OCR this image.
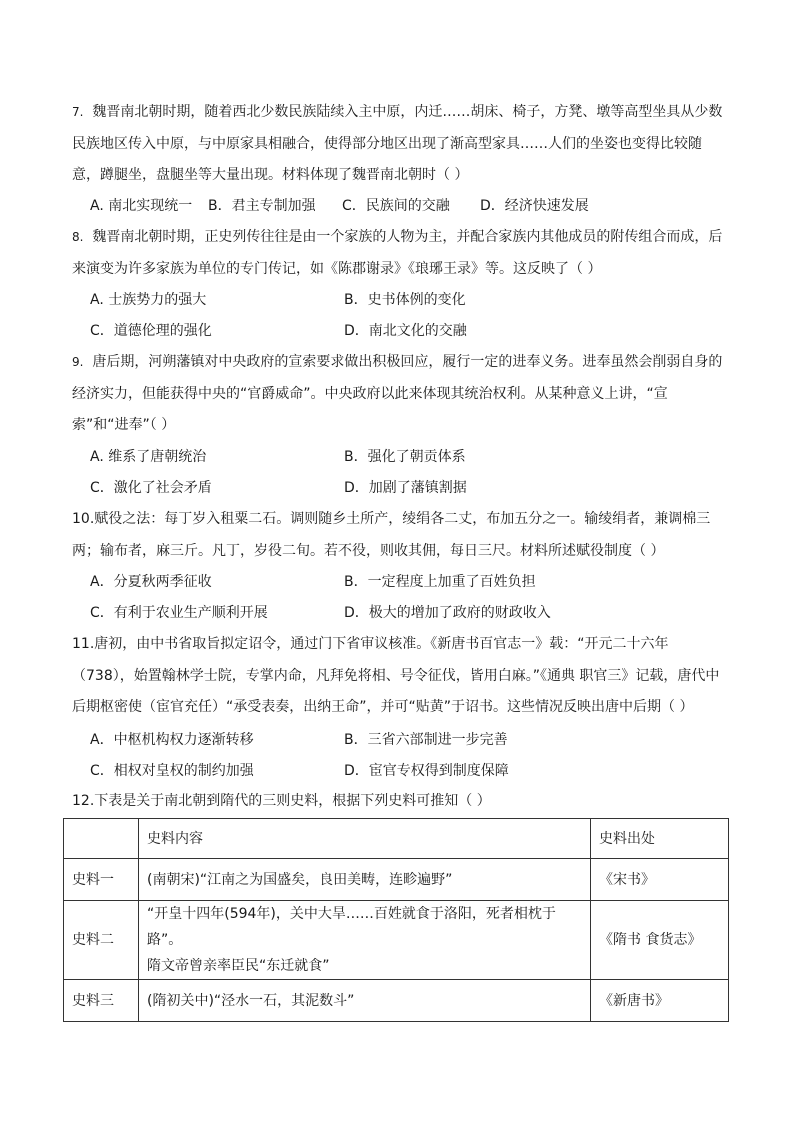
7. 魏晋南北朝时期，随着西北少数民族陆续入主中原，内迁……胡床、椅子，方凳、墩等高型坐具从少数民族地区传入中原，与中原家具相融合，使得部分地区出现了渐高型家具……人们的坐姿也变得比较随意，蹲腿坐，盘腿坐等大量出现。材料体现了魏晋南北朝时（ ）

A. 南北实现统一 B．君主专制加强 C．民族间的交融 D．经济快速发展

8. 魏晋南北朝时期，正史列传往往是由一个家族的人物为主，并配合家族内其他成员的附传组合而成，后来演变为许多家族为单位的专门传记，如《陈郡谢录》《琅琊王录》等。这反映了（ ）

A. 士族势力的强大	B．史书体例的变化
C．道德伦理的强化	D．南北文化的交融

9. 唐后期，河朔藩镇对中央政府的宣索要求做出积极回应，履行一定的进奉义务。进奉虽然会削弱自身的经济实力，但能获得中央的“官爵威命”。中央政府以此来体现其统治权利。从某种意义上讲，“宣索”和“进奉”（ ）

A. 维系了唐朝统治	B．强化了朝贡体系
C．激化了社会矛盾	D．加剧了藩镇割据

10.赋役之法：每丁岁入租粟二石。调则随乡土所产，绫绢各二丈，布加五分之一。输绫绢者，兼调棉三两；输布者，麻三斤。凡丁，岁役二旬。若不役，则收其佣，每日三尺。材料所述赋役制度（ ）

A．分夏秋两季征收	B．一定程度上加重了百姓负担
C．有利于农业生产顺利开展	D．极大的增加了政府的财政收入

11.唐初，由中书省取旨拟定诏令，通过门下省审议核准。《新唐书百官志一》载：“开元二十六年（738），始置翰林学士院，专掌内命，凡拜免将相、号令征伐，皆用白麻。”《通典 职官三》记载，唐代中后期枢密使（宦官充任）“承受表奏，出纳王命”，并可“贴黄”于诏书。这些情况反映出唐中后期（ ）

A．中枢机构权力逐渐转移	B．三省六部制进一步完善
C．相权对皇权的制约加强	D．宦官专权得到制度保障

12.下表是关于南北朝到隋代的三则史料，根据下列史料可推知（ ）

	史料内容	史料出处
史料一	(南朝宋)“江南之为国盛矣，良田美畴，连畛遍野”	《宋书》
史料二	“开皇十四年(594年)，关中大旱……百姓就食于洛阳，死者相枕于路”。
隋文帝曾亲率臣民“东迁就食”	《隋书 食货志》
史料三	(隋初关中)“泾水一石，其泥数斗”	《新唐书》
